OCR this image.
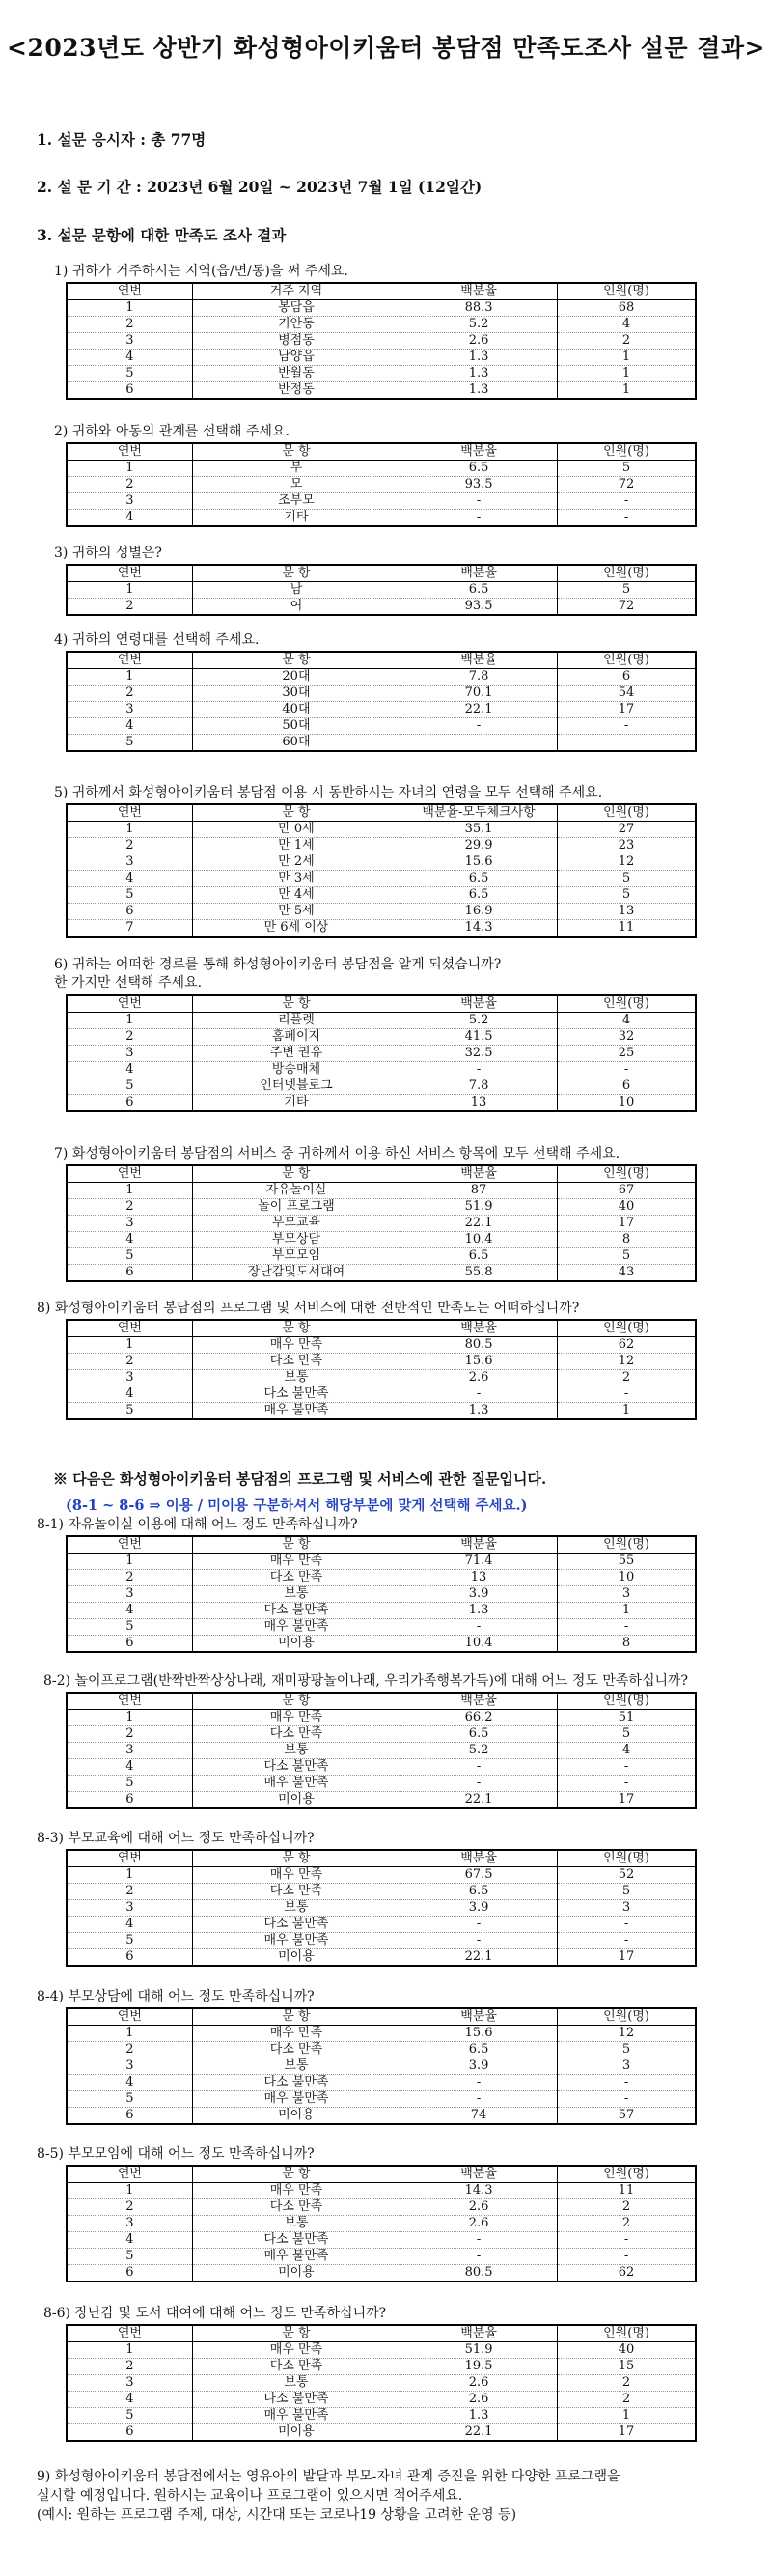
<2023년도 상반기 화성형아이키움터 봉담점 만족도조사 설문 결과>
1. 설문 응시자 : 총 77명
2. 설 문 기 간 : 2023년 6월 20일 ~ 2023년 7월 1일 (12일간)
3. 설문 문항에 대한 만족도 조사 결과
※ 다음은 화성형아이키움터 봉담점의 프로그램 및 서비스에 관한 질문입니다.
(8-1 ~ 8-6 ⇒ 이용 / 미이용 구분하셔서 해당부분에 맞게 선택해 주세요.)
1) 귀하가 거주하시는 지역(읍/면/동)을 써 주세요.
연번	거주 지역	백분율	인원(명)
1	봉담읍	88.3	68
2	기안동	5.2	4
3	병점동	2.6	2
4	남양읍	1.3	1
5	반월동	1.3	1
6	반정동	1.3	1
2) 귀하와 아동의 관계를 선택해 주세요.
연번	문 항	백분율	인원(명)
1	부	6.5	5
2	모	93.5	72
3	조부모	-	-
4	기타	-	-
3) 귀하의 성별은?
연번	문 항	백분율	인원(명)
1	남	6.5	5
2	여	93.5	72
4) 귀하의 연령대를 선택해 주세요.
연번	문 항	백분율	인원(명)
1	20대	7.8	6
2	30대	70.1	54
3	40대	22.1	17
4	50대	-	-
5	60대	-	-
5) 귀하께서 화성형아이키움터 봉담점 이용 시 동반하시는 자녀의 연령을 모두 선택해 주세요.
연번	문 항	백분율-모두체크사항	인원(명)
1	만 0세	35.1	27
2	만 1세	29.9	23
3	만 2세	15.6	12
4	만 3세	6.5	5
5	만 4세	6.5	5
6	만 5세	16.9	13
7	만 6세 이상	14.3	11
6) 귀하는 어떠한 경로를 통해 화성형아이키움터 봉담점을 알게 되셨습니까?
한 가지만 선택해 주세요.
연번	문 항	백분율	인원(명)
1	리플렛	5.2	4
2	홈페이지	41.5	32
3	주변 권유	32.5	25
4	방송매체	-	-
5	인터넷블로그	7.8	6
6	기타	13	10
7) 화성형아이키움터 봉담점의 서비스 중 귀하께서 이용 하신 서비스 항목에 모두 선택해 주세요.
연번	문 항	백분율	인원(명)
1	자유놀이실	87	67
2	놀이 프로그램	51.9	40
3	부모교육	22.1	17
4	부모상담	10.4	8
5	부모모임	6.5	5
6	장난감및도서대여	55.8	43
8) 화성형아이키움터 봉담점의 프로그램 및 서비스에 대한 전반적인 만족도는 어떠하십니까?
연번	문 항	백분율	인원(명)
1	매우 만족	80.5	62
2	다소 만족	15.6	12
3	보통	2.6	2
4	다소 불만족	-	-
5	매우 불만족	1.3	1
8-1) 자유놀이실 이용에 대해 어느 정도 만족하십니까?
연번	문 항	백분율	인원(명)
1	매우 만족	71.4	55
2	다소 만족	13	10
3	보통	3.9	3
4	다소 불만족	1.3	1
5	매우 불만족	-	-
6	미이용	10.4	8
8-2) 놀이프로그램(반짝반짝상상나래, 재미팡팡놀이나래, 우리가족행복가득)에 대해 어느 정도 만족하십니까?
연번	문 항	백분율	인원(명)
1	매우 만족	66.2	51
2	다소 만족	6.5	5
3	보통	5.2	4
4	다소 불만족	-	-
5	매우 불만족	-	-
6	미이용	22.1	17
8-3) 부모교육에 대해 어느 정도 만족하십니까?
연번	문 항	백분율	인원(명)
1	매우 만족	67.5	52
2	다소 만족	6.5	5
3	보통	3.9	3
4	다소 불만족	-	-
5	매우 불만족	-	-
6	미이용	22.1	17
8-4) 부모상담에 대해 어느 정도 만족하십니까?
연번	문 항	백분율	인원(명)
1	매우 만족	15.6	12
2	다소 만족	6.5	5
3	보통	3.9	3
4	다소 불만족	-	-
5	매우 불만족	-	-
6	미이용	74	57
8-5) 부모모임에 대해 어느 정도 만족하십니까?
연번	문 항	백분율	인원(명)
1	매우 만족	14.3	11
2	다소 만족	2.6	2
3	보통	2.6	2
4	다소 불만족	-	-
5	매우 불만족	-	-
6	미이용	80.5	62
8-6) 장난감 및 도서 대여에 대해 어느 정도 만족하십니까?
연번	문 항	백분율	인원(명)
1	매우 만족	51.9	40
2	다소 만족	19.5	15
3	보통	2.6	2
4	다소 불만족	2.6	2
5	매우 불만족	1.3	1
6	미이용	22.1	17
9) 화성형아이키움터 봉담점에서는 영유아의 발달과 부모-자녀 관계 증진을 위한 다양한 프로그램을
실시할 예정입니다. 원하시는 교육이나 프로그램이 있으시면 적어주세요.
(예시: 원하는 프로그램 주제, 대상, 시간대 또는 코로나19 상황을 고려한 운영 등)
